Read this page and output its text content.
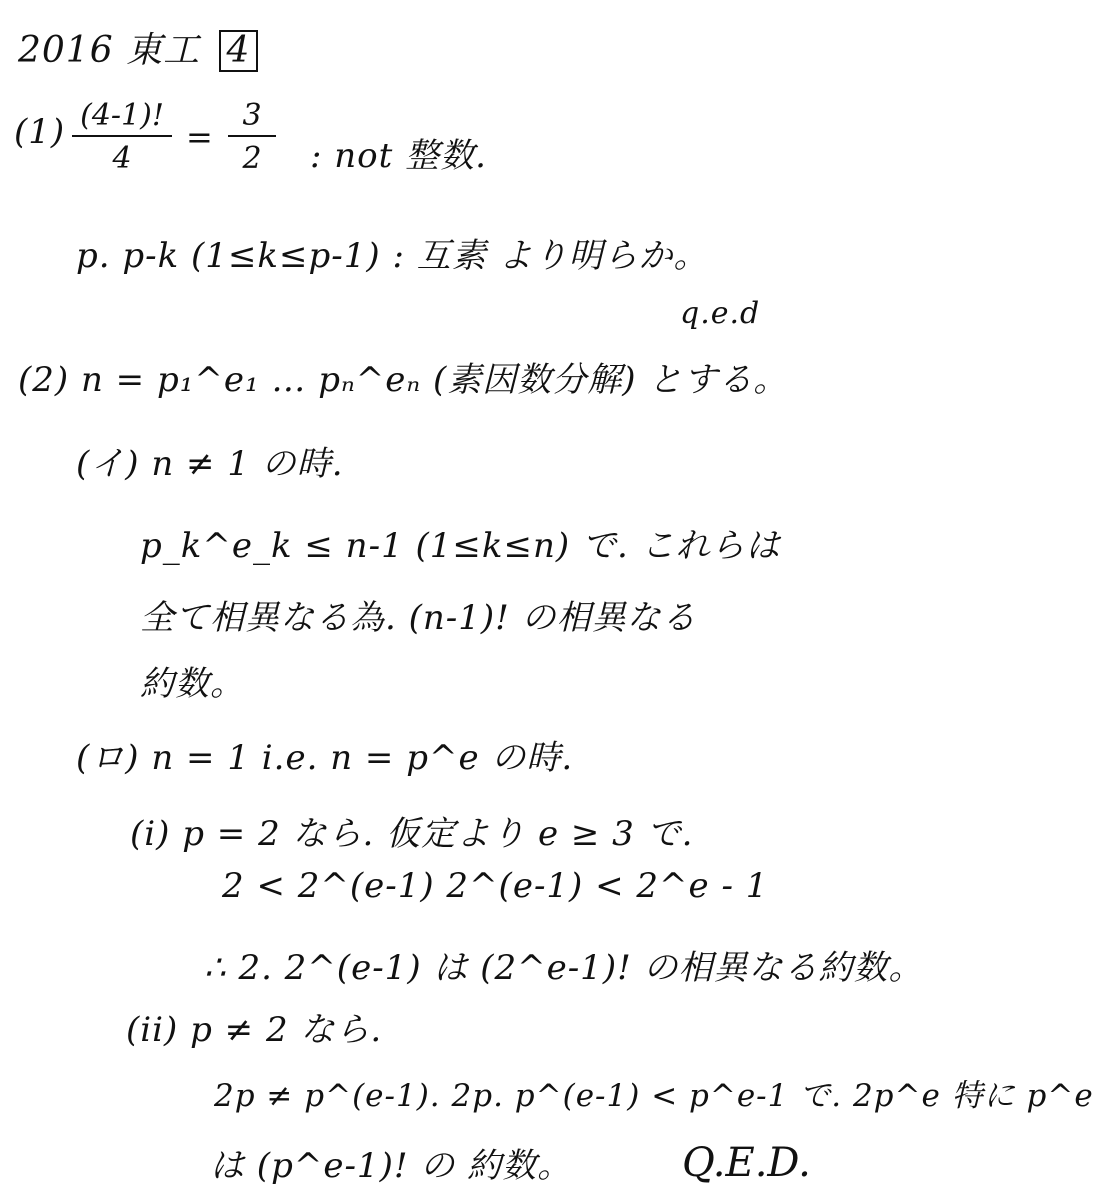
2016 東工 4
$(1) \frac{(4-1)!}{4} = \frac{3}{2}$ : not 整数.
p. p-k (1≤k≤p-1) : 互素 より明らか。
q.e.d
(2) n = p₁^e₁ … pₙ^eₙ (素因数分解) とする。
(イ) n ≠ 1 の時.
p_k^e_k ≤ n-1 (1≤k≤n) で. これらは
全て相異なる為. (n-1)! の相異なる
約数。
(ロ) n = 1 i.e. n = p^e の時.
(i) p = 2 なら. 仮定より e ≥ 3 で.
2 < 2^(e-1) 2^(e-1) < 2^e - 1
∴ 2. 2^(e-1) は (2^e-1)! の相異なる約数。
(ii) p ≠ 2 なら.
2p ≠ p^(e-1). 2p. p^(e-1) < p^e-1 で. 2p^e 特に p^e
は (p^e-1)! の 約数。	Q.E.D.
